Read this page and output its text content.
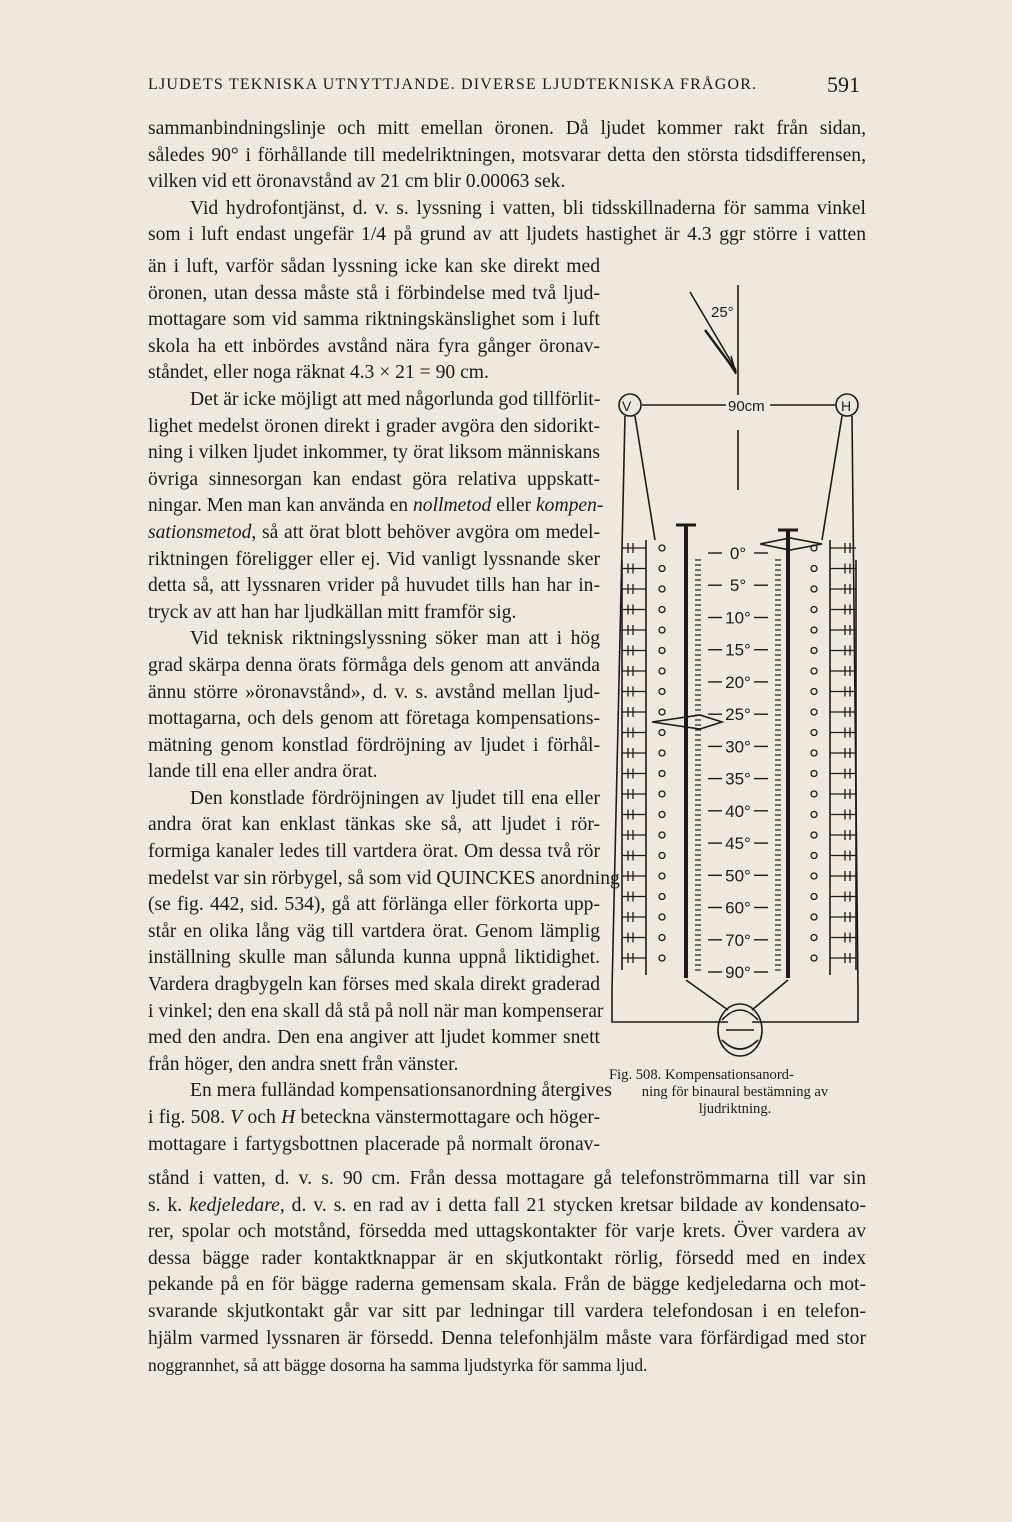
LJUDETS TEKNISKA UTNYTTJANDE. DIVERSE LJUDTEKNISKA FRÅGOR.	591
sammanbindningslinje och mitt emellan öronen. Då ljudet kommer rakt från sidan,
således 90° i förhållande till medelriktningen, motsvarar detta den största tidsdifferensen,
vilken vid ett öronavstånd av 21 cm blir 0.00063 sek.
Vid hydrofontjänst, d. v. s. lyssning i vatten, bli tidsskillnaderna för samma vinkel
som i luft endast ungefär 1/4 på grund av att ljudets hastighet är 4.3 ggr större i vatten
än i luft, varför sådan lyssning icke kan ske direkt med
öronen, utan dessa måste stå i förbindelse med två ljud-
mottagare som vid samma riktningskänslighet som i luft
skola ha ett inbördes avstånd nära fyra gånger öronav-
ståndet, eller noga räknat 4.3 × 21 = 90 cm.
Det är icke möjligt att med någorlunda god tillförlit-
lighet medelst öronen direkt i grader avgöra den sidorikt-
ning i vilken ljudet inkommer, ty örat liksom människans
övriga sinnesorgan kan endast göra relativa uppskatt-
ningar. Men man kan använda en nollmetod eller kompen-
sationsmetod, så att örat blott behöver avgöra om medel-
riktningen föreligger eller ej. Vid vanligt lyssnande sker
detta så, att lyssnaren vrider på huvudet tills han har in-
tryck av att han har ljudkällan mitt framför sig.
Vid teknisk riktningslyssning söker man att i hög
grad skärpa denna örats förmåga dels genom att använda
ännu större »öronavstånd», d. v. s. avstånd mellan ljud-
mottagarna, och dels genom att företaga kompensations-
mätning genom konstlad fördröjning av ljudet i förhål-
lande till ena eller andra örat.
Den konstlade fördröjningen av ljudet till ena eller
andra örat kan enklast tänkas ske så, att ljudet i rör-
formiga kanaler ledes till vartdera örat. Om dessa två rör
medelst var sin rörbygel, så som vid QUINCKES anordning
(se fig. 442, sid. 534), gå att förlänga eller förkorta upp-
står en olika lång väg till vartdera örat. Genom lämplig
inställning skulle man sålunda kunna uppnå liktidighet.
Vardera dragbygeln kan förses med skala direkt graderad
i vinkel; den ena skall då stå på noll när man kompenserar
med den andra. Den ena angiver att ljudet kommer snett
från höger, den andra snett från vänster.
En mera fulländad kompensationsanordning återgives
i fig. 508. V och H beteckna vänstermottagare och höger-
mottagare i fartygsbottnen placerade på normalt öronav-
stånd i vatten, d. v. s. 90 cm. Från dessa mottagare gå telefonströmmarna till var sin
s. k. kedjeledare, d. v. s. en rad av i detta fall 21 stycken kretsar bildade av kondensato-
rer, spolar och motstånd, försedda med uttagskontakter för varje krets. Över vardera av
dessa bägge rader kontaktknappar är en skjutkontakt rörlig, försedd med en index
pekande på en för bägge raderna gemensam skala. Från de bägge kedjeledarna och mot-
svarande skjutkontakt går var sitt par ledningar till vardera telefondosan i en telefon-
hjälm varmed lyssnaren är försedd. Denna telefonhjälm måste vara förfärdigad med stor
noggrannhet, så att bägge dosorna ha samma ljudstyrka för samma ljud.
V	H
90cm
25°
0°
5°
10°
15°
20°
25°
30°
35°
40°
45°
50°
60°
70°
90°
Fig. 508. Kompensationsanord-
ning för binaural bestämning av
ljudriktning.
